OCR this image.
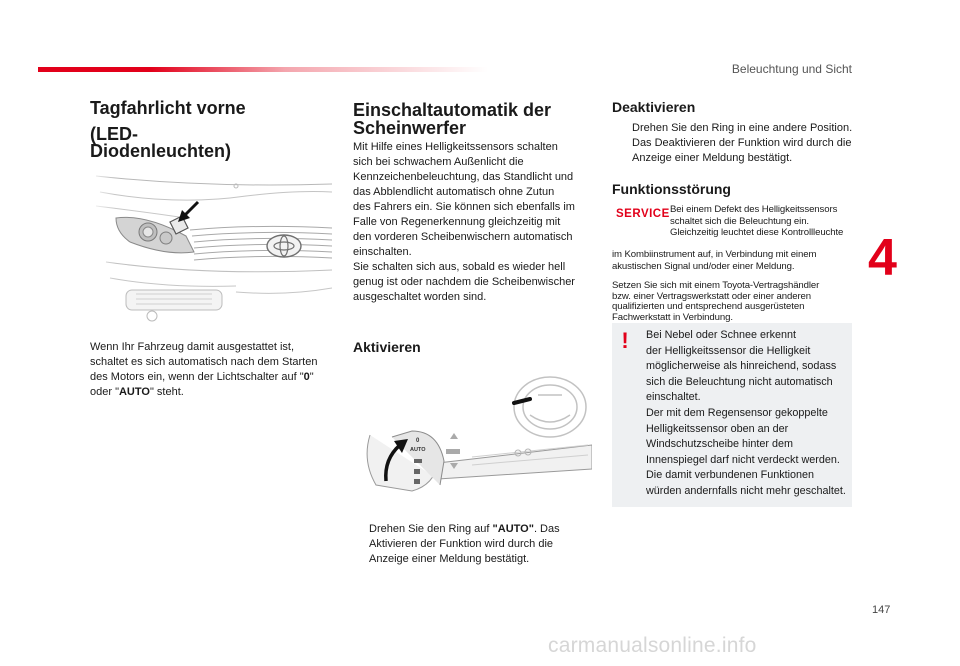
Beleuchtung und Sicht
Tagfahrlicht vorne
(LED-
Diodenleuchten)
Wenn Ihr Fahrzeug damit ausgestattet ist,
schaltet es sich automatisch nach dem Starten
des Motors ein, wenn der Lichtschalter auf "0"
oder "AUTO" steht.
Einschaltautomatik der
Scheinwerfer
Mit Hilfe eines Helligkeitssensors schalten
sich bei schwachem Außenlicht die
Kennzeichenbeleuchtung, das Standlicht und
das Abblendlicht automatisch ohne Zutun
des Fahrers ein. Sie können sich ebenfalls im
Falle von Regenerkennung gleichzeitig mit
den vorderen Scheibenwischern automatisch
einschalten.
Sie schalten sich aus, sobald es wieder hell
genug ist oder nachdem die Scheibenwischer
ausgeschaltet worden sind.
Aktivieren
0
AUTO
Drehen Sie den Ring auf "AUTO". Das
Aktivieren der Funktion wird durch die
Anzeige einer Meldung bestätigt.
Deaktivieren
Drehen Sie den Ring in eine andere Position.
Das Deaktivieren der Funktion wird durch die
Anzeige einer Meldung bestätigt.
Funktionsstörung
SERVICE Bei einem Defekt des Helligkeitssensors
schaltet sich die Beleuchtung ein.
Gleichzeitig leuchtet diese Kontrollleuchte
im Kombiinstrument auf, in Verbindung mit einem
akustischen Signal und/oder einer Meldung.
Setzen Sie sich mit einem Toyota-Vertragshändler
bzw. einer Vertragswerkstatt oder einer anderen
qualifizierten und entsprechend ausgerüsteten
Fachwerkstatt in Verbindung.
!	Bei Nebel oder Schnee erkennt
der Helligkeitssensor die Helligkeit
möglicherweise als hinreichend, sodass
sich die Beleuchtung nicht automatisch
einschaltet.
Der mit dem Regensensor gekoppelte
Helligkeitssensor oben an der
Windschutzscheibe hinter dem
Innenspiegel darf nicht verdeckt werden.
Die damit verbundenen Funktionen
würden andernfalls nicht mehr geschaltet.
4
147
carmanualsonline.info
